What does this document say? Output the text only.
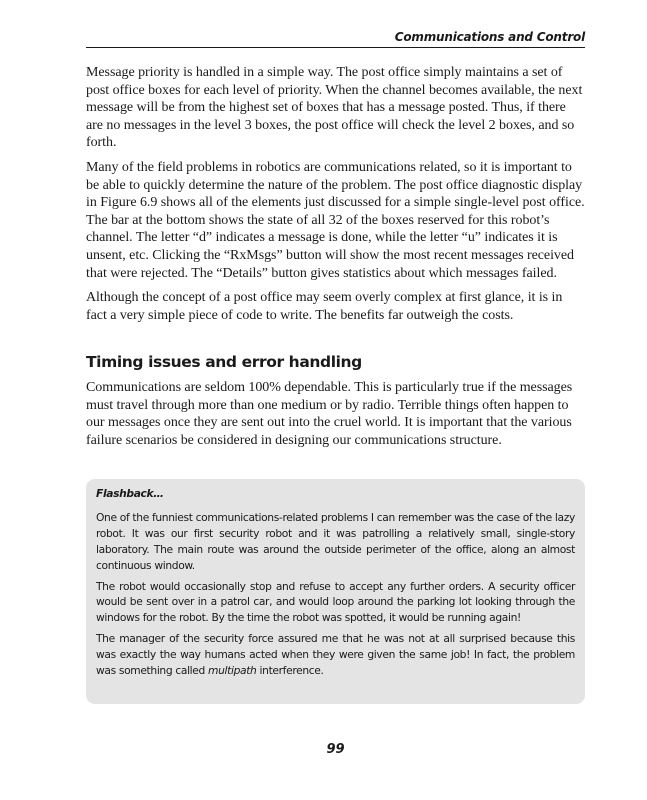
Communications and Control

Message priority is handled in a simple way. The post office simply maintains a set of post office boxes for each level of priority. When the channel becomes available, the next message will be from the highest set of boxes that has a message posted. Thus, if there are no messages in the level 3 boxes, the post office will check the level 2 boxes, and so forth.

Many of the field problems in robotics are communications related, so it is important to be able to quickly determine the nature of the problem. The post office diagnostic display in Figure 6.9 shows all of the elements just discussed for a simple single-level post office. The bar at the bottom shows the state of all 32 of the boxes reserved for this robot’s channel. The letter “d” indicates a message is done, while the letter “u” indicates it is unsent, etc. Clicking the “RxMsgs” button will show the most recent messages received that were rejected. The “Details” button gives statistics about which messages failed.

Although the concept of a post office may seem overly complex at first glance, it is in fact a very simple piece of code to write. The benefits far outweigh the costs.

Timing issues and error handling

Communications are seldom 100% dependable. This is particularly true if the messages must travel through more than one medium or by radio. Terrible things often happen to our messages once they are sent out into the cruel world. It is important that the various failure scenarios be considered in designing our communications structure.

Flashback…

One of the funniest communications-related problems I can remember was the case of the lazy robot. It was our first security robot and it was patrolling a relatively small, single-story laboratory. The main route was around the outside perimeter of the office, along an almost continuous window.

The robot would occasionally stop and refuse to accept any further orders. A security officer would be sent over in a patrol car, and would loop around the parking lot looking through the windows for the robot. By the time the robot was spotted, it would be running again!

The manager of the security force assured me that he was not at all surprised because this was exactly the way humans acted when they were given the same job! In fact, the problem was something called multipath interference.

99
